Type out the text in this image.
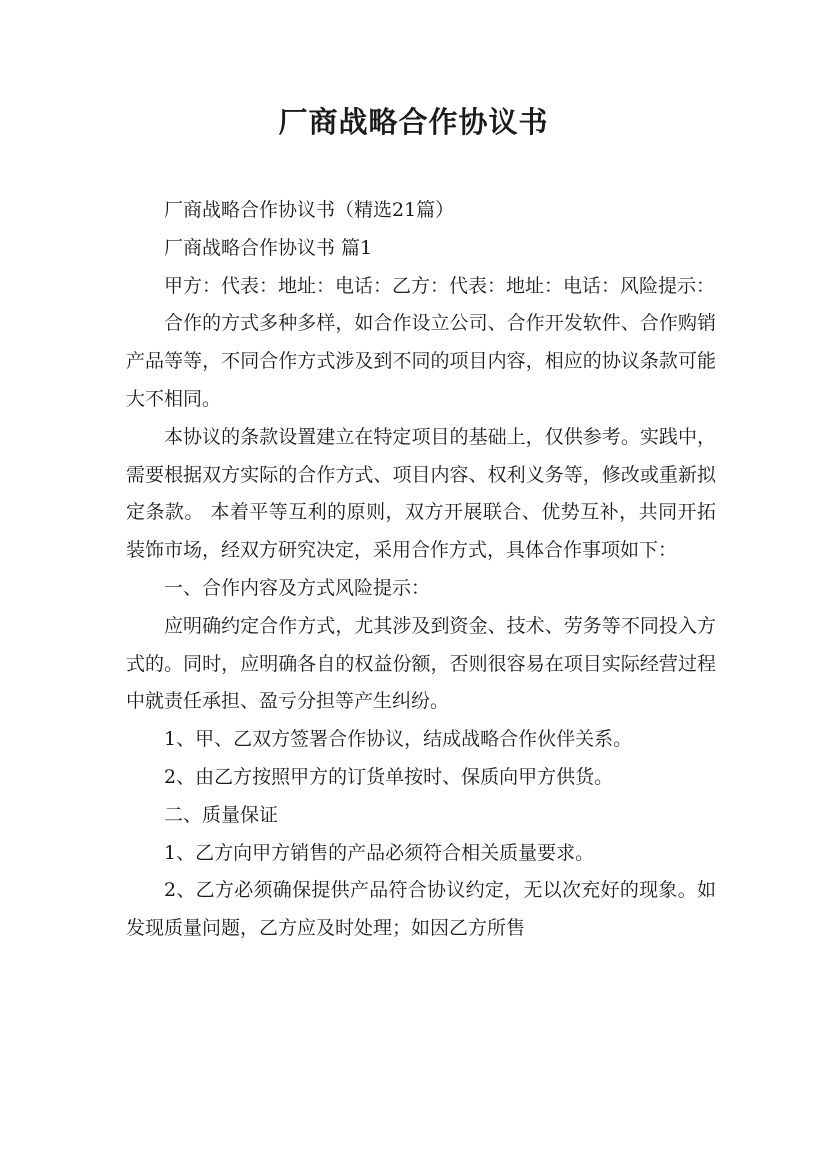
厂商战略合作协议书

厂商战略合作协议书（精选21篇）

厂商战略合作协议书 篇1

甲方：代表：地址：电话：乙方：代表：地址：电话：风险提示：

合作的方式多种多样，如合作设立公司、合作开发软件、合作购销产品等等，不同合作方式涉及到不同的项目内容，相应的协议条款可能大不相同。

本协议的条款设置建立在特定项目的基础上，仅供参考。实践中，需要根据双方实际的合作方式、项目内容、权利义务等，修改或重新拟定条款。 本着平等互利的原则，双方开展联合、优势互补，共同开拓装饰市场，经双方研究决定，采用合作方式，具体合作事项如下：

一、合作内容及方式风险提示：

应明确约定合作方式，尤其涉及到资金、技术、劳务等不同投入方式的。同时，应明确各自的权益份额，否则很容易在项目实际经营过程中就责任承担、盈亏分担等产生纠纷。

1、甲、乙双方签署合作协议，结成战略合作伙伴关系。

2、由乙方按照甲方的订货单按时、保质向甲方供货。

二、质量保证

1、乙方向甲方销售的产品必须符合相关质量要求。

2、乙方必须确保提供产品符合协议约定，无以次充好的现象。如发现质量问题，乙方应及时处理；如因乙方所售
